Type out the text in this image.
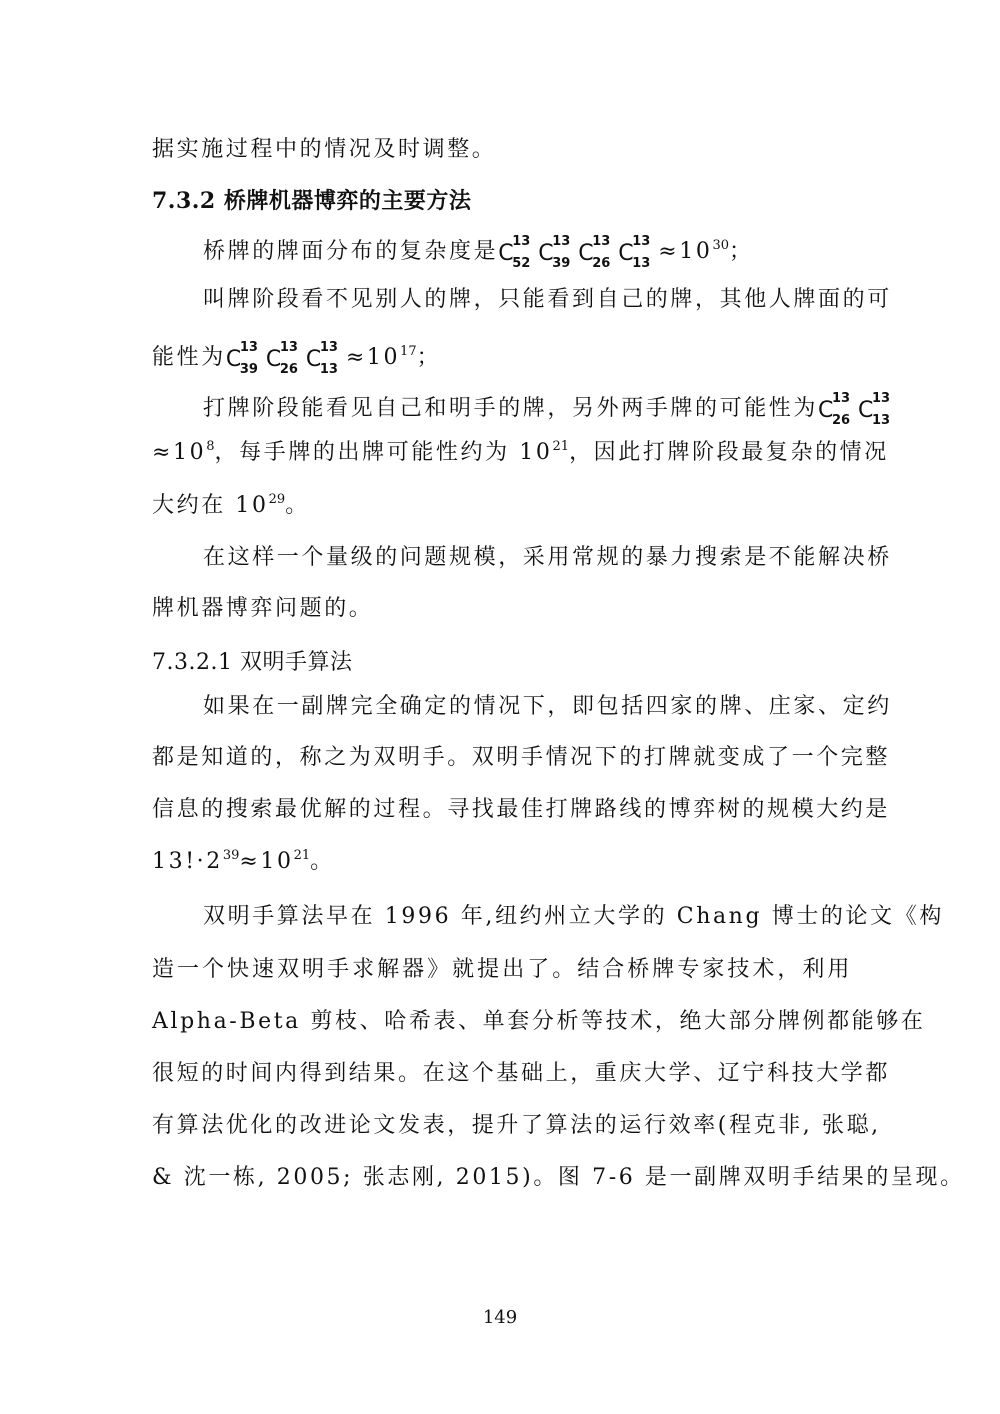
据实施过程中的情况及时调整。
7.3.2 桥牌机器博弈的主要方法
桥牌的牌面分布的复杂度是 C
13
52 C
13
39 C
13
26 C
13
$13 \approx 10^{30}$；
叫牌阶段看不见别人的牌，只能看到自己的牌，其他人牌面的可
能性为 C
13
39 C
13
26 C
13
$13 \approx 10^{17}$；
打牌阶段能看见自己和明手的牌，另外两手牌的可能性为 C
13
26 C
13
13
$\approx 10^8$，每手牌的出牌可能性约为 $10^{21}$，因此打牌阶段最复杂的情况
大约在 $10^{29}$。
在这样一个量级的问题规模，采用常规的暴力搜索是不能解决桥
牌机器博弈问题的。
7.3.2.1 双明手算法
如果在一副牌完全确定的情况下，即包括四家的牌、庄家、定约
都是知道的，称之为双明手。双明手情况下的打牌就变成了一个完整
信息的搜索最优解的过程。寻找最佳打牌路线的博弈树的规模大约是
$13!\cdot 2^{39}\approx 10^{21}$。
双明手算法早在 1996 年,纽约州立大学的 Chang 博士的论文《构
造一个快速双明手求解器》就提出了。结合桥牌专家技术，利用
Alpha-Beta 剪枝、哈希表、单套分析等技术，绝大部分牌例都能够在
很短的时间内得到结果。在这个基础上，重庆大学、辽宁科技大学都
有算法优化的改进论文发表，提升了算法的运行效率(程克非, 张聪,
& 沈一栋, 2005; 张志刚, 2015)。图 7-6 是一副牌双明手结果的呈现。
149
